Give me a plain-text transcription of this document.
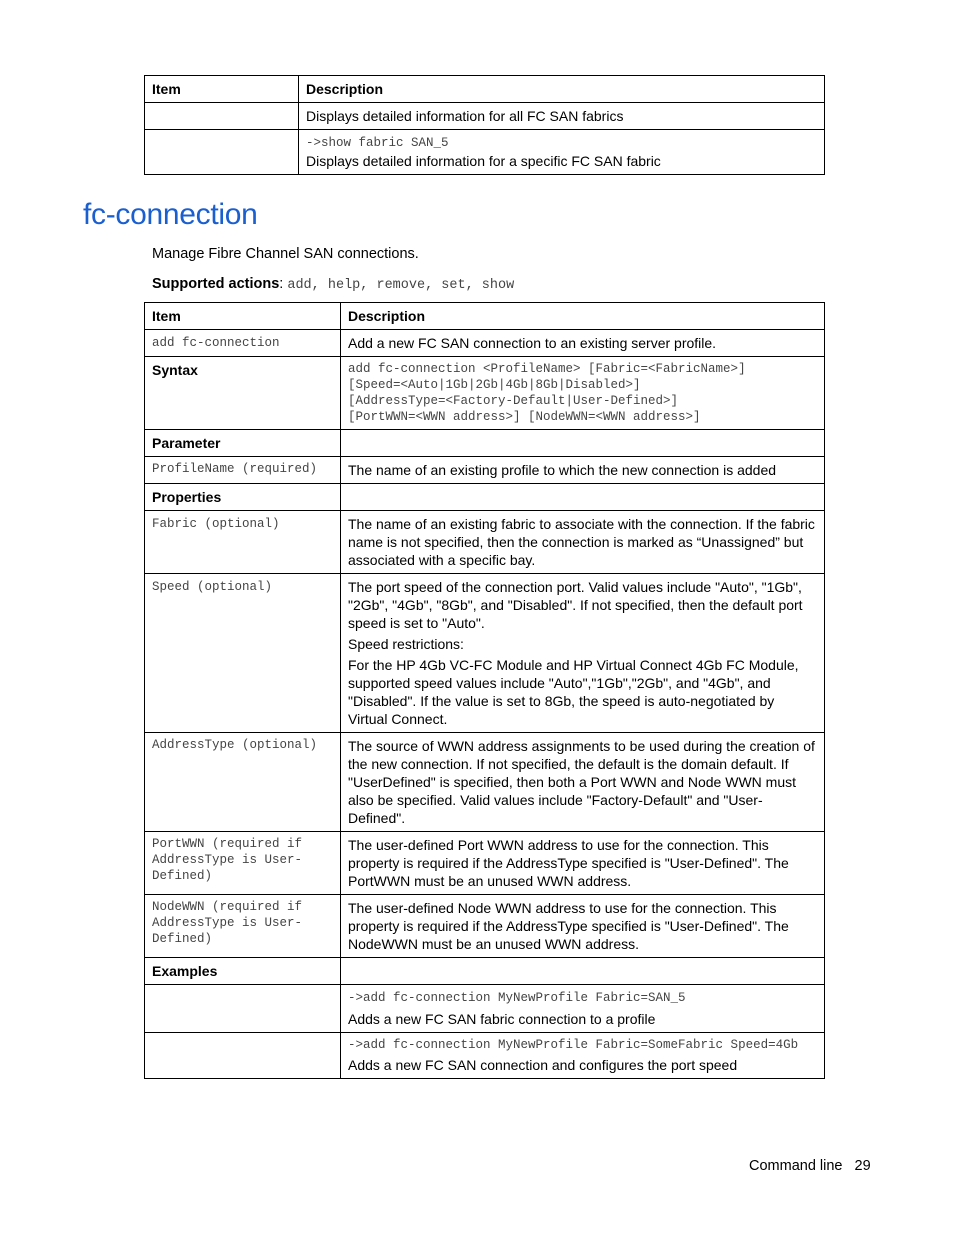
Item	Description
	Displays detailed information for all FC SAN fabrics

	->show fabric SAN_5
Displays detailed information for a specific FC SAN fabric
fc-connection
Manage Fibre Channel SAN connections.
Supported actions: add, help, remove, set, show
Item	Description
add fc-connection	Add a new FC SAN connection to an existing server profile.
Syntax	add fc-connection <ProfileName> [Fabric=<FabricName>]
[Speed=<Auto|1Gb|2Gb|4Gb|8Gb|Disabled>]
[AddressType=<Factory-Default|User-Defined>]
[PortWWN=<WWN address>] [NodeWWN=<WWN address>]

Parameter	
ProfileName (required)	The name of an existing profile to which the new connection is added
Properties	
Fabric (optional)	The name of an existing fabric to associate with the connection. If the fabric name is not specified, then the connection is marked as “Unassigned” but associated with a specific bay.
Speed (optional)	The port speed of the connection port. Valid values include "Auto", "1Gb", "2Gb", "4Gb", "8Gb", and "Disabled". If not specified, then the default port speed is set to "Auto".

Speed restrictions:

For the HP 4Gb VC-FC Module and HP Virtual Connect 4Gb FC Module, supported speed values include "Auto","1Gb","2Gb", and "4Gb", and "Disabled". If the value is set to 8Gb, the speed is auto-negotiated by Virtual Connect.

AddressType (optional)	The source of WWN address assignments to be used during the creation of the new connection. If not specified, the default is the domain default. If "UserDefined" is specified, then both a Port WWN and Node WWN must also be specified. Valid values include "Factory-Default" and "User-Defined".
PortWWN (required if AddressType is User-Defined)	The user-defined Port WWN address to use for the connection. This property is required if the AddressType specified is "User-Defined". The PortWWN must be an unused WWN address.
NodeWWN (required if AddressType is User-Defined)	The user-defined Node WWN address to use for the connection. This property is required if the AddressType specified is "User-Defined". The NodeWWN must be an unused WWN address.
Examples	

	->add fc-connection MyNewProfile Fabric=SAN_5
Adds a new FC SAN fabric connection to a profile

	->add fc-connection MyNewProfile Fabric=SomeFabric Speed=4Gb
Adds a new FC SAN connection and configures the port speed
Command line 29
